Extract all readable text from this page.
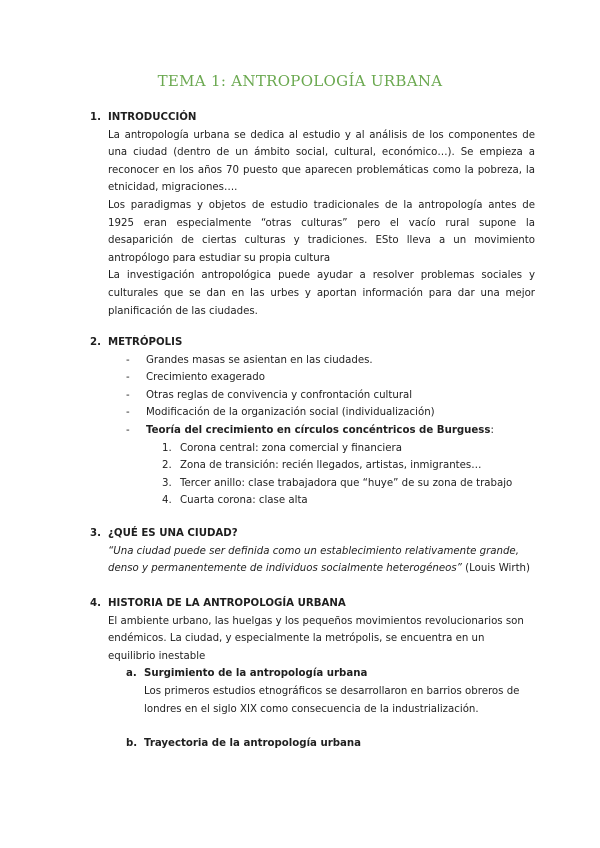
TEMA 1: ANTROPOLOGÍA URBANA
1. INTRODUCCIÓN
La antropología urbana se dedica al estudio y al análisis de los componentes de una ciudad (dentro de un ámbito social, cultural, económico…). Se empieza a reconocer en los años 70 puesto que aparecen problemáticas como la pobreza, la etnicidad, migraciones….
Los paradigmas y objetos de estudio tradicionales de la antropología antes de 1925 eran especialmente “otras culturas” pero el vacío rural supone la desaparición de ciertas culturas y tradiciones. ESto lleva a un movimiento antropólogo para estudiar su propia cultura
La investigación antropológica puede ayudar a resolver problemas sociales y culturales que se dan en las urbes y aportan información para dar una mejor planificación de las ciudades.
2. METRÓPOLIS
- Grandes masas se asientan en las ciudades.
- Crecimiento exagerado
- Otras reglas de convivencia y confrontación cultural
- Modificación de la organización social (individualización)
- Teoría del crecimiento en círculos concéntricos de Burguess:
1. Corona central: zona comercial y financiera
2. Zona de transición: recién llegados, artistas, inmigrantes…
3. Tercer anillo: clase trabajadora que “huye” de su zona de trabajo
4. Cuarta corona: clase alta
3. ¿QUÉ ES UNA CIUDAD?
“Una ciudad puede ser definida como un establecimiento relativamente grande, denso y permanentemente de individuos socialmente heterogéneos” (Louis Wirth)
4. HISTORIA DE LA ANTROPOLOGÍA URBANA
El ambiente urbano, las huelgas y los pequeños movimientos revolucionarios son endémicos. La ciudad, y especialmente la metrópolis, se encuentra en un equilibrio inestable
a. Surgimiento de la antropología urbana
Los primeros estudios etnográficos se desarrollaron en barrios obreros de londres en el siglo XIX como consecuencia de la industrialización.
b. Trayectoria de la antropología urbana
